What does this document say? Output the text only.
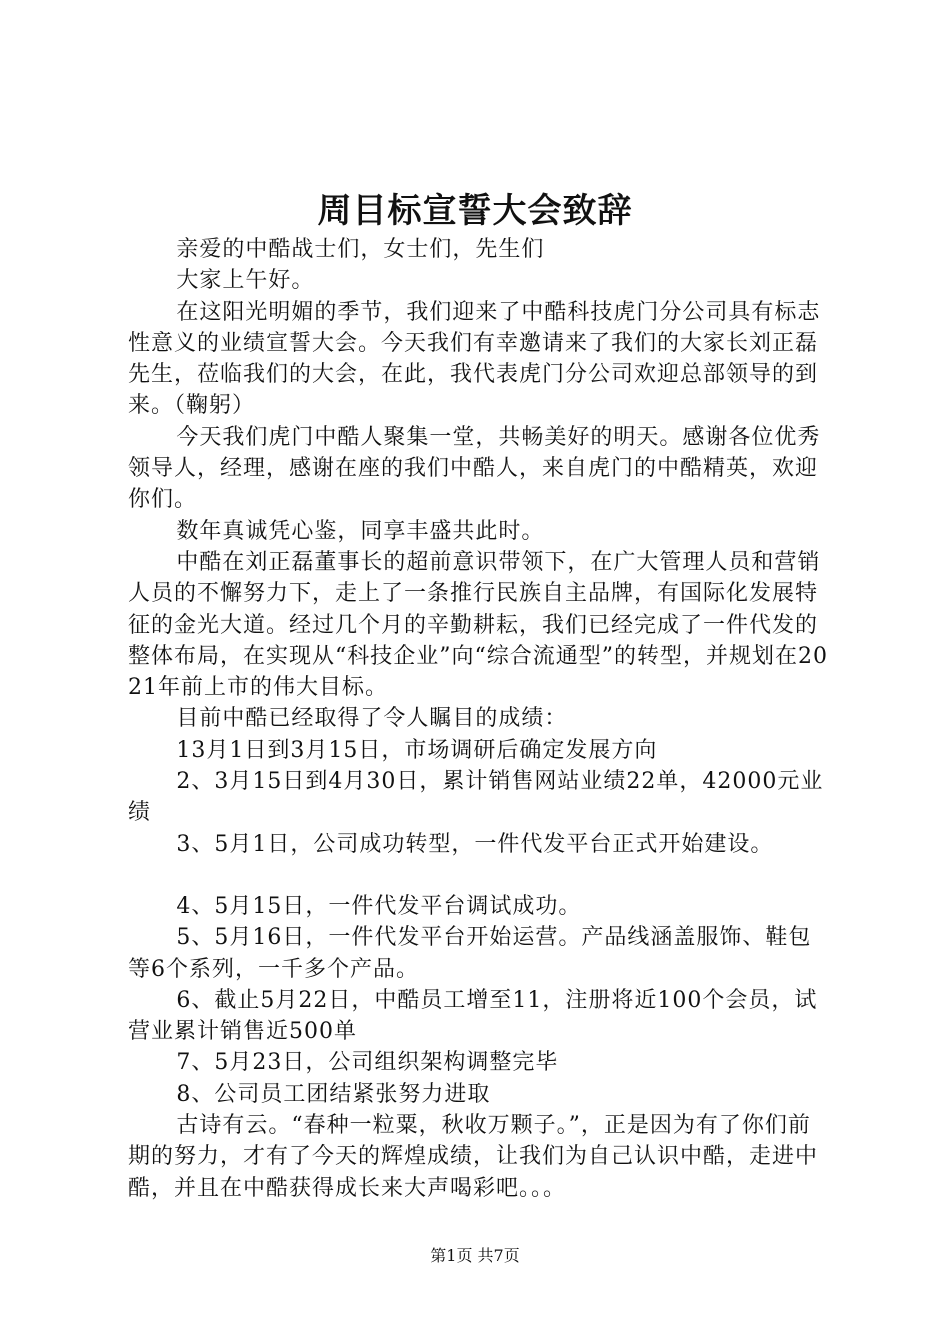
周目标宣誓大会致辞

亲爱的中酷战士们，女士们，先生们

大家上午好。

在这阳光明媚的季节，我们迎来了中酷科技虎门分公司具有标志性意义的业绩宣誓大会。今天我们有幸邀请来了我们的大家长刘正磊先生，莅临我们的大会，在此，我代表虎门分公司欢迎总部领导的到来。（鞠躬）

今天我们虎门中酷人聚集一堂，共畅美好的明天。感谢各位优秀领导人，经理，感谢在座的我们中酷人，来自虎门的中酷精英，欢迎你们。

数年真诚凭心鉴，同享丰盛共此时。

中酷在刘正磊董事长的超前意识带领下，在广大管理人员和营销人员的不懈努力下，走上了一条推行民族自主品牌，有国际化发展特征的金光大道。经过几个月的辛勤耕耘，我们已经完成了一件代发的整体布局，在实现从“科技企业”向“综合流通型”的转型，并规划在2021年前上市的伟大目标。

目前中酷已经取得了令人瞩目的成绩：

13月1日到3月15日，市场调研后确定发展方向

2、3月15日到4月30日，累计销售网站业绩22单，42000元业绩

3、5月1日，公司成功转型，一件代发平台正式开始建设。

4、5月15日，一件代发平台调试成功。

5、5月16日，一件代发平台开始运营。产品线涵盖服饰、鞋包等6个系列，一千多个产品。

6、截止5月22日，中酷员工增至11，注册将近100个会员，试营业累计销售近500单

7、5月23日，公司组织架构调整完毕

8、公司员工团结紧张努力进取

古诗有云。“春种一粒粟，秋收万颗子。”，正是因为有了你们前期的努力，才有了今天的辉煌成绩，让我们为自己认识中酷，走进中酷，并且在中酷获得成长来大声喝彩吧。。。

第1页 共7页
